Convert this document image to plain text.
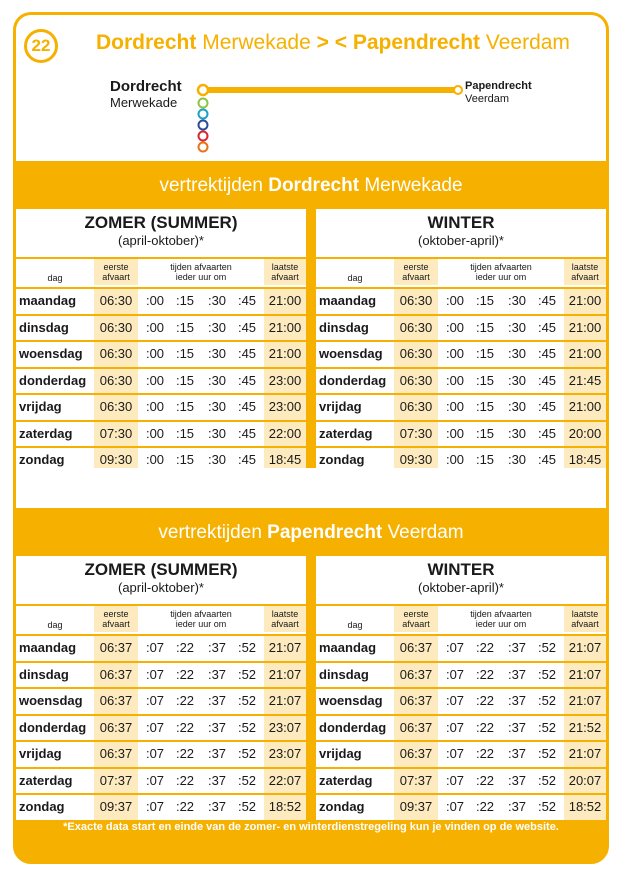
22	Dordrecht Merwekade > < Papendrecht Veerdam
Dordrecht
Merwekade
Papendrecht
Veerdam
vertrektijden Dordrecht Merwekade
ZOMER (SUMMER)
(april-oktober)*
dag
eerste
afvaart
tijden afvaarten
ieder uur om
laatste
afvaart
maandag	06:30	:00 :15	:30 :45 21:00
dinsdag	06:30	:00 :15	:30 :45 21:00
woensdag	06:30	:00 :15	:30 :45 21:00
donderdag	06:30	:00 :15	:30 :45 23:00
vrijdag	06:30	:00 :15	:30 :45 23:00
zaterdag	07:30	:00 :15	:30 :45 22:00
zondag	09:30	:00 :15	:30 :45 18:45
WINTER
(oktober-april)*
dag
eerste
afvaart
tijden afvaarten
ieder uur om
laatste
afvaart
maandag	06:30	:00 :15	:30 :45 21:00
dinsdag	06:30	:00 :15	:30 :45 21:00
woensdag	06:30	:00 :15	:30 :45 21:00
donderdag	06:30	:00 :15	:30 :45 21:45
vrijdag	06:30	:00 :15	:30 :45 21:00
zaterdag	07:30	:00 :15	:30 :45 20:00
zondag	09:30	:00 :15	:30 :45 18:45
vertrektijden Papendrecht Veerdam
ZOMER (SUMMER)
(april-oktober)*
dag
eerste
afvaart
tijden afvaarten
ieder uur om
laatste
afvaart
maandag	06:37	:07 :22	:37 :52 21:07
dinsdag	06:37	:07 :22	:37 :52 21:07
woensdag	06:37	:07 :22	:37 :52 21:07
donderdag	06:37	:07 :22	:37 :52 23:07
vrijdag	06:37	:07 :22	:37 :52 23:07
zaterdag	07:37	:07 :22	:37 :52 22:07
zondag	09:37	:07 :22	:37 :52 18:52
WINTER
(oktober-april)*
dag
eerste
afvaart
tijden afvaarten
ieder uur om
laatste
afvaart
maandag	06:37	:07 :22	:37 :52 21:07
dinsdag	06:37	:07 :22	:37 :52 21:07
woensdag	06:37	:07 :22	:37 :52 21:07
donderdag	06:37	:07 :22	:37 :52 21:52
vrijdag	06:37	:07 :22	:37 :52 21:07
zaterdag	07:37	:07 :22	:37 :52 20:07
zondag	09:37	:07 :22	:37 :52 18:52
*Exacte data start en einde van de zomer- en winterdienstregeling kun je vinden op de website.
